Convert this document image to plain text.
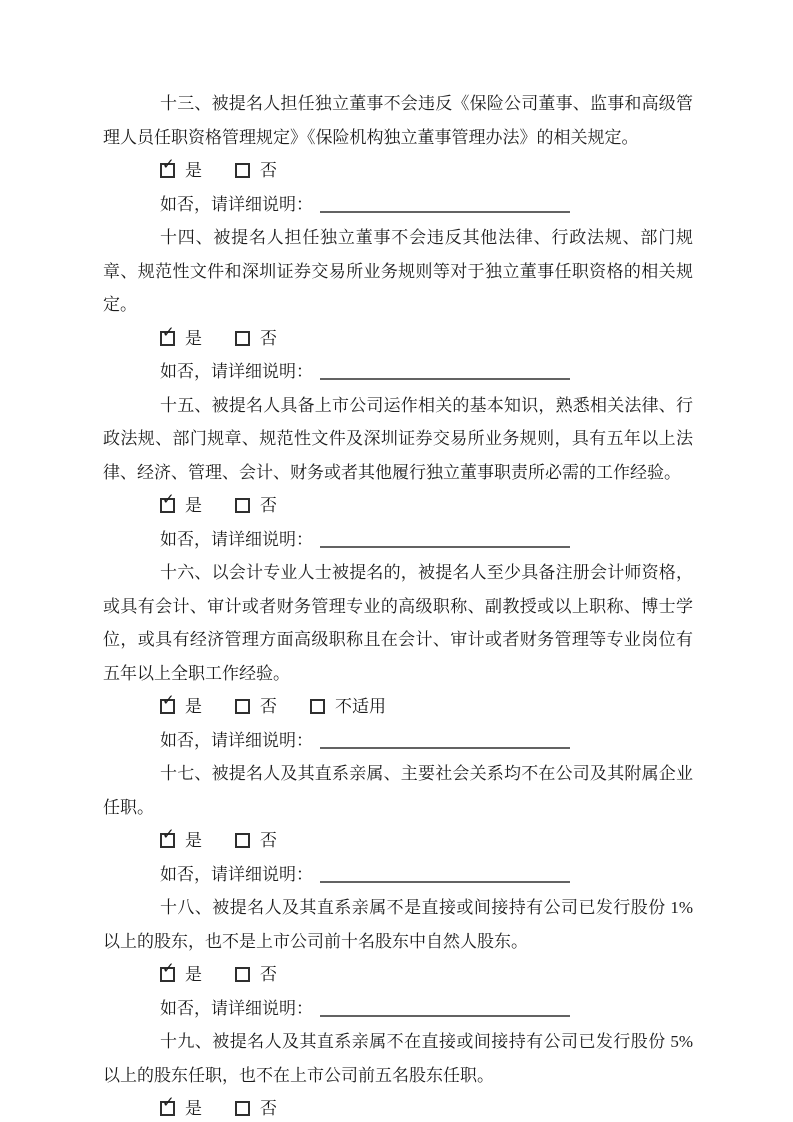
十三、被提名人担任独立董事不会违反《保险公司董事、监事和高级管理人员任职资格管理规定》《保险机构独立董事管理办法》的相关规定。

✓ 是	否
如否，请详细说明：

十四、被提名人担任独立董事不会违反其他法律、行政法规、部门规章、规范性文件和深圳证券交易所业务规则等对于独立董事任职资格的相关规定。

✓ 是	否
如否，请详细说明：

十五、被提名人具备上市公司运作相关的基本知识，熟悉相关法律、行政法规、部门规章、规范性文件及深圳证券交易所业务规则，具有五年以上法律、经济、管理、会计、财务或者其他履行独立董事职责所必需的工作经验。

✓ 是	否
如否，请详细说明：

十六、以会计专业人士被提名的，被提名人至少具备注册会计师资格，或具有会计、审计或者财务管理专业的高级职称、副教授或以上职称、博士学位，或具有经济管理方面高级职称且在会计、审计或者财务管理等专业岗位有五年以上全职工作经验。

✓ 是	否	不适用
如否，请详细说明：

十七、被提名人及其直系亲属、主要社会关系均不在公司及其附属企业任职。

✓ 是	否
如否，请详细说明：

十八、被提名人及其直系亲属不是直接或间接持有公司已发行股份 1%以上的股东，也不是上市公司前十名股东中自然人股东。

✓ 是	否
如否，请详细说明：

十九、被提名人及其直系亲属不在直接或间接持有公司已发行股份 5%以上的股东任职，也不在上市公司前五名股东任职。

✓ 是	否
